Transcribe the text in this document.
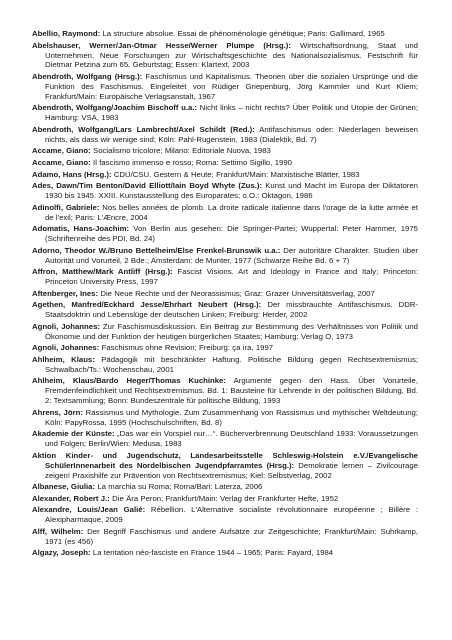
Abellio, Raymond: La structure absolue. Essai de phénoménologie génétique; Paris: Gallimard, 1965
Abelshauser, Werner/Jan-Otmar Hesse/Werner Plumpe (Hrsg.): Wirtschaftsordnung, Staat und Unternehmen. Neue Forschungen zur Wirtschaftsgeschichte des Nationalsozialismus. Festschrift für Dietmar Petzina zum 65. Geburtstag; Essen: Klartext, 2003
Abendroth, Wolfgang (Hrsg.): Faschismus und Kapitalismus. Theorien über die sozialen Ursprünge und die Funktion des Faschismus. Eingeleitet von Rüdiger Griepenburg, Jörg Kammler und Kurt Kliem; Frankfurt/Main: Europäische Verlagsanstalt, 1967
Abendroth, Wolfgang/Joachim Bischoff u.a.: Nicht links – nicht rechts? Über Politik und Utopie der Grünen; Hamburg: VSA, 1983
Abendroth, Wolfgang/Lars Lambrecht/Axel Schildt (Red.): Antifaschismus oder: Niederlagen beweisen nichts, als dass wir wenige sind; Köln: Pahl-Rugenstein, 1983 (Dialektik, Bd. 7)
Accame, Giano: Socialismo tricolore; Milano: Editoriale Nuova, 1983
Accame, Giano: Il fascismo immenso e rosso; Roma: Settimo Sigillo, 1990
Adamo, Hans (Hrsg.): CDU/CSU. Gestern & Heute; Frankfurt/Main: Marxistische Blätter, 1983
Ades, Dawn/Tim Benton/David Elliott/Iain Boyd Whyte (Zus.): Kunst und Macht im Europa der Diktatoren 1930 bis 1945. XXIII. Kunstausstellung des Europarates; o.O.: Oktagon, 1986
Adinolfi, Gabriele: Nos belles années de plomb. La droite radicale italienne dans l'orage de la lutte armée et de l'exil; Paris: L'Æncre, 2004
Adomatis, Hans-Joachim: Von Berlin aus gesehen: Die Springer-Partei; Wuppertal: Peter Hammer, 1975 (Schriftenreihe des PDI, Bd. 24)
Adorno, Theodor W./Bruno Bettelheim/Else Frenkel-Brunswik u.a.: Der autoritäre Charakter. Studien über Autorität und Vorurteil, 2 Bde.; Amsterdam: de Munter, 1977 (Schwarze Reihe Bd. 6 + 7)
Affron, Matthew/Mark Antliff (Hrsg.): Fascist Visions. Art and Ideology in France and Italy; Princeton: Princeton University Press, 1997
Aftenberger, Ines: Die Neue Rechte und der Neorassismus; Graz: Grazer Universitätsverlag, 2007
Agethen, Manfred/Eckhard Jesse/Ehrhart Neubert (Hrsg.): Der missbrauchte Antifaschismus. DDR-Staatsdoktrin und Lebenslüge der deutschen Linken; Freiburg: Herder, 2002
Agnoli, Johannes: Zur Faschismusdiskussion. Ein Beitrag zur Bestimmung des Verhältnisses von Politik und Ökonomie und der Funktion der heutigen bürgerlichen Staates; Hamburg: Verlag O, 1973
Agnoli, Johannes: Faschismus ohne Revision; Freiburg: ça ira, 1997
Ahlheim, Klaus: Pädagogik mit beschränkter Haftung. Politische Bildung gegen Rechtsextremismus; Schwalbach/Ts.: Wochenschau, 2001
Ahlheim, Klaus/Bardo Heger/Thomas Kuchinke: Argumente gegen den Hass. Über Vorurteile, Fremdenfeindlichkeit und Rechtsextremismus. Bd. 1: Bausteine für Lehrende in der politischen Bildung, Bd. 2: Textsammlung; Bonn: Bundeszentrale für politische Bildung, 1993
Ahrens, Jörn: Rassismus und Mythologie. Zum Zusammenhang von Rassismus und mythischer Weltdeutung; Köln: PapyRossa, 1995 (Hochschulschriften, Bd. 8)
Akademie der Künste: „Das war ein Vorspiel nur…“. Bücherverbrennung Deutschland 1933: Voraussetzungen und Folgen; Berlin/Wien: Medusa, 1983
Aktion Kinder- und Jugendschutz, Landesarbeitsstelle Schleswig-Holstein e.V./Evangelische SchülerInnenarbeit des Nordelbischen Jugendpfarramtes (Hrsg.): Demokratie lernen – Zivilcourage zeigen! Praxishilfe zur Prävention von Rechtsextremismus; Kiel: Selbstverlag, 2002
Albanese, Giulia: La marchia su Roma; Roma/Bari: Laterza, 2006
Alexander, Robert J.: Die Ära Peron; Frankfurt/Main: Verlag der Frankfurter Hefte, 1952
Alexandre, Louis/Jean Galié: Rébellion. L'Alternative socialiste révolutionnaire européenne ; Billère : Alexipharmaque, 2009
Alff, Wilhelm: Der Begriff Faschismus und andere Aufsätze zur Zeitgeschichte; Frankfurt/Main: Suhrkamp, 1971 (es 456)
Algazy, Joseph: La tentation néo-fasciste en France 1944 – 1965; Paris: Fayard, 1984
